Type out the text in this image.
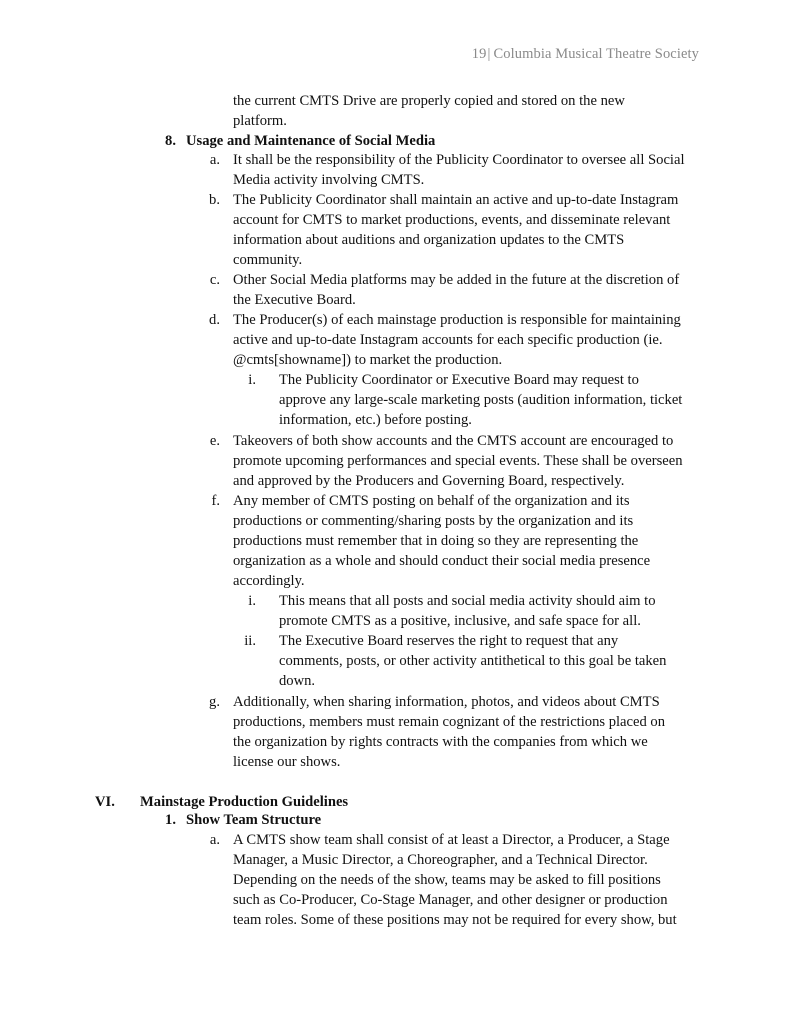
19| Columbia Musical Theatre Society
the current CMTS Drive are properly copied and stored on the new
platform.
8. Usage and Maintenance of Social Media
a. It shall be the responsibility of the Publicity Coordinator to oversee all Social
Media activity involving CMTS.
b. The Publicity Coordinator shall maintain an active and up-to-date Instagram
account for CMTS to market productions, events, and disseminate relevant
information about auditions and organization updates to the CMTS
community.
c. Other Social Media platforms may be added in the future at the discretion of
the Executive Board.
d. The Producer(s) of each mainstage production is responsible for maintaining
active and up-to-date Instagram accounts for each specific production (ie.
@cmts[showname]) to market the production.
i. The Publicity Coordinator or Executive Board may request to
approve any large-scale marketing posts (audition information, ticket
information, etc.) before posting.
e. Takeovers of both show accounts and the CMTS account are encouraged to
promote upcoming performances and special events. These shall be overseen
and approved by the Producers and Governing Board, respectively.
f. Any member of CMTS posting on behalf of the organization and its
productions or commenting/sharing posts by the organization and its
productions must remember that in doing so they are representing the
organization as a whole and should conduct their social media presence
accordingly.
i. This means that all posts and social media activity should aim to
promote CMTS as a positive, inclusive, and safe space for all.
ii. The Executive Board reserves the right to request that any
comments, posts, or other activity antithetical to this goal be taken
down.
g. Additionally, when sharing information, photos, and videos about CMTS
productions, members must remain cognizant of the restrictions placed on
the organization by rights contracts with the companies from which we
license our shows.
VI. Mainstage Production Guidelines
1. Show Team Structure
a. A CMTS show team shall consist of at least a Director, a Producer, a Stage
Manager, a Music Director, a Choreographer, and a Technical Director.
Depending on the needs of the show, teams may be asked to fill positions
such as Co-Producer, Co-Stage Manager, and other designer or production
team roles. Some of these positions may not be required for every show, but
